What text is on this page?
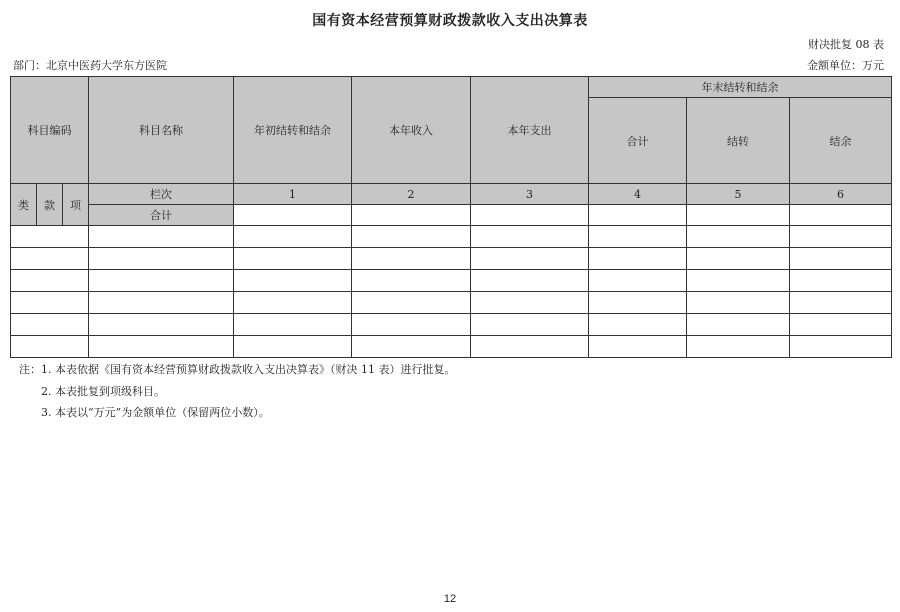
国有资本经营预算财政拨款收入支出决算表
财决批复 08 表
部门：北京中医药大学东方医院	金额单位：万元
科目编码			科目名称	年初结转和结余	本年收入	本年支出	年末结转和结余		
							合计	结转	结余
类	款	项	栏次	1	2	3	4	5	6
			合计						

注：1. 本表依据《国有资本经营预算财政拨款收入支出决算表》（财决 11 表）进行批复。
2. 本表批复到项级科目。
3. 本表以“万元”为金额单位（保留两位小数）。
12
